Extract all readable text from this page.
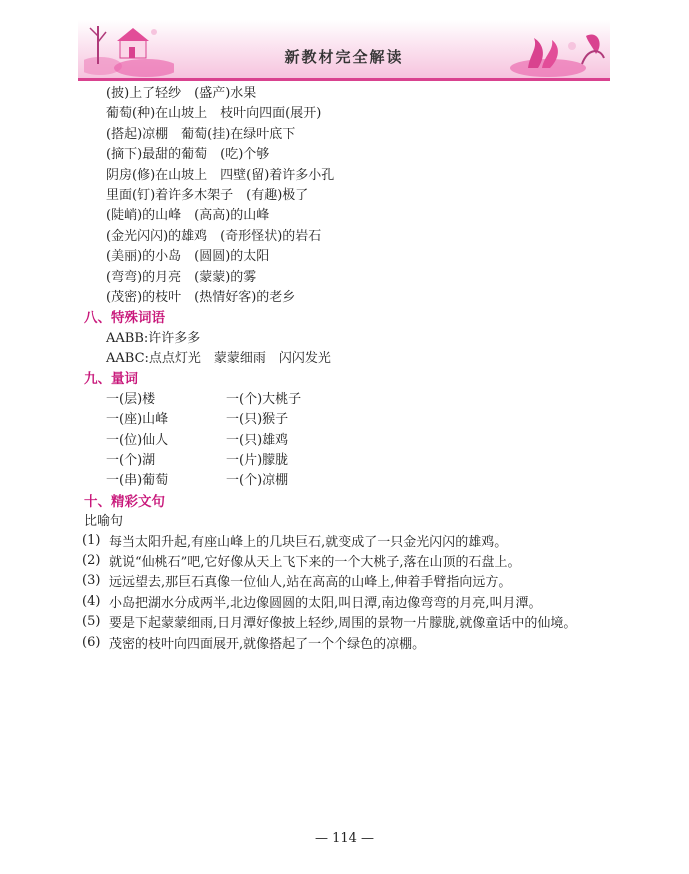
新教材完全解读
(披)上了轻纱　(盛产)水果
葡萄(种)在山坡上　枝叶向四面(展开)
(搭起)凉棚　葡萄(挂)在绿叶底下
(摘下)最甜的葡萄　(吃)个够
阴房(修)在山坡上　四壁(留)着许多小孔
里面(钉)着许多木架子　(有趣)极了
(陡峭)的山峰　(高高)的山峰
(金光闪闪)的雄鸡　(奇形怪状)的岩石
(美丽)的小岛　(圆圆)的太阳
(弯弯)的月亮　(蒙蒙)的雾
(茂密)的枝叶　(热情好客)的老乡
八、特殊词语
AABB:许许多多
AABC:点点灯光　蒙蒙细雨　闪闪发光
九、量词
一(层)楼	一(个)大桃子
一(座)山峰	一(只)猴子
一(位)仙人	一(只)雄鸡
一(个)湖	一(片)朦胧
一(串)葡萄	一(个)凉棚
十、精彩文句
比喻句
(1) 每当太阳升起,有座山峰上的几块巨石,就变成了一只金光闪闪的雄鸡。
(2) 就说“仙桃石”吧,它好像从天上飞下来的一个大桃子,落在山顶的石盘上。
(3) 远远望去,那巨石真像一位仙人,站在高高的山峰上,伸着手臂指向远方。
(4) 小岛把湖水分成两半,北边像圆圆的太阳,叫日潭,南边像弯弯的月亮,叫月潭。
(5) 要是下起蒙蒙细雨,日月潭好像披上轻纱,周围的景物一片朦胧,就像童话中的仙境。
(6) 茂密的枝叶向四面展开,就像搭起了一个个绿色的凉棚。
— 114 —
